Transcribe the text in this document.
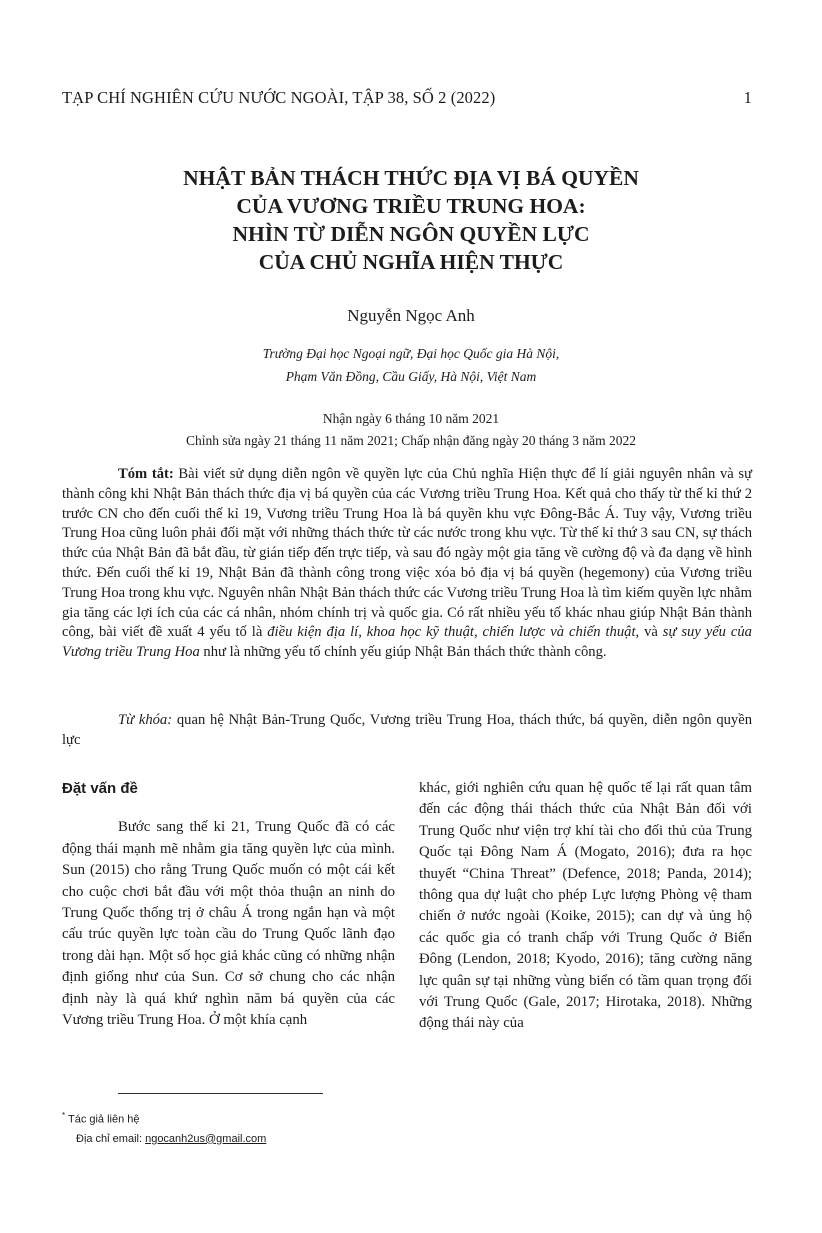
TẠP CHÍ NGHIÊN CỨU NƯỚC NGOÀI, TẬP 38, SỐ 2 (2022)	1
NHẬT BẢN THÁCH THỨC ĐỊA VỊ BÁ QUYỀN
CỦA VƯƠNG TRIỀU TRUNG HOA:
NHÌN TỪ DIỄN NGÔN QUYỀN LỰC
CỦA CHỦ NGHĨA HIỆN THỰC
Nguyễn Ngọc Anh
Trường Đại học Ngoại ngữ, Đại học Quốc gia Hà Nội,
Phạm Văn Đồng, Cầu Giấy, Hà Nội, Việt Nam
Nhận ngày 6 tháng 10 năm 2021
Chỉnh sửa ngày 21 tháng 11 năm 2021; Chấp nhận đăng ngày 20 tháng 3 năm 2022

Tóm tắt: Bài viết sử dụng diễn ngôn về quyền lực của Chủ nghĩa Hiện thực để lí giải nguyên nhân và sự thành công khi Nhật Bản thách thức địa vị bá quyền của các Vương triều Trung Hoa. Kết quả cho thấy từ thế kỉ thứ 2 trước CN cho đến cuối thế kỉ 19, Vương triều Trung Hoa là bá quyền khu vực Đông-Bắc Á. Tuy vậy, Vương triều Trung Hoa cũng luôn phải đối mặt với những thách thức từ các nước trong khu vực. Từ thế kỉ thứ 3 sau CN, sự thách thức của Nhật Bản đã bắt đầu, từ gián tiếp đến trực tiếp, và sau đó ngày một gia tăng về cường độ và đa dạng về hình thức. Đến cuối thế kỉ 19, Nhật Bản đã thành công trong việc xóa bỏ địa vị bá quyền (hegemony) của Vương triều Trung Hoa trong khu vực. Nguyên nhân Nhật Bản thách thức các Vương triều Trung Hoa là tìm kiếm quyền lực nhằm gia tăng các lợi ích của các cá nhân, nhóm chính trị và quốc gia. Có rất nhiều yếu tố khác nhau giúp Nhật Bản thành công, bài viết đề xuất 4 yếu tố là điều kiện địa lí, khoa học kỹ thuật, chiến lược và chiến thuật, và sự suy yếu của Vương triều Trung Hoa như là những yếu tố chính yếu giúp Nhật Bản thách thức thành công.

Từ khóa: quan hệ Nhật Bản-Trung Quốc, Vương triều Trung Hoa, thách thức, bá quyền, diễn ngôn quyền lực

Đặt vấn đề

Bước sang thế kỉ 21, Trung Quốc đã có các động thái mạnh mẽ nhằm gia tăng quyền lực của mình. Sun (2015) cho rằng Trung Quốc muốn có một cái kết cho cuộc chơi bắt đầu với một thỏa thuận an ninh do Trung Quốc thống trị ở châu Á trong ngắn hạn và một cấu trúc quyền lực toàn cầu do Trung Quốc lãnh đạo trong dài hạn. Một số học giả khác cũng có những nhận định giống như của Sun. Cơ sở chung cho các nhận định này là quá khứ nghìn năm bá quyền của các Vương triều Trung Hoa. Ở một khía cạnh

khác, giới nghiên cứu quan hệ quốc tế lại rất quan tâm đến các động thái thách thức của Nhật Bản đối với Trung Quốc như viện trợ khí tài cho đối thủ của Trung Quốc tại Đông Nam Á (Mogato, 2016); đưa ra học thuyết “China Threat” (Defence, 2018; Panda, 2014); thông qua dự luật cho phép Lực lượng Phòng vệ tham chiến ở nước ngoài (Koike, 2015); can dự và ủng hộ các quốc gia có tranh chấp với Trung Quốc ở Biển Đông (Lendon, 2018; Kyodo, 2016); tăng cường năng lực quân sự tại những vùng biển có tầm quan trọng đối với Trung Quốc (Gale, 2017; Hirotaka, 2018). Những động thái này của

* Tác giả liên hệ
Địa chỉ email: ngocanh2us@gmail.com
